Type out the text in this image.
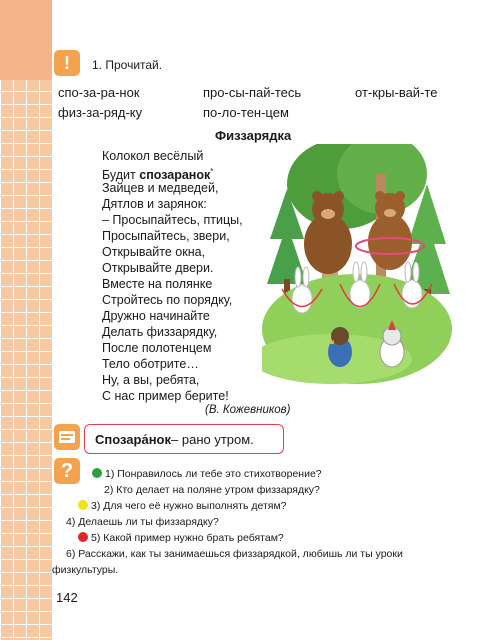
!	1. Прочитай.
спо-за-ра-нок	про-сы-пай-тесь	от-кры-вай-те
физ-за-ряд-ку	по-ло-тен-цем
Физзарядка
Колокол весёлый
Будит спозаранок*
Зайцев и медведей,
Дятлов и зарянок:
– Просыпайтесь, птицы,
Просыпайтесь, звери,
Открывайте окна,
Открывайте двери.
Вместе на полянке
Стройтесь по порядку,
Дружно начинайте
Делать физзарядку,
После полотенцем
Тело оботрите…
Ну, а вы, ребята,
С нас пример берите!
(В. Кожевников)
Спозара́нок – рано утром.
?	1) Понравилось ли тебе это стихотворение?
2) Кто делает на поляне утром физзарядку?
3) Для чего её нужно выполнять детям?
4) Делаешь ли ты физзарядку?
5) Какой пример нужно брать ребятам?
6) Расскажи, как ты занимаешься физзарядкой, любишь ли ты уроки
физкультуры.
142
